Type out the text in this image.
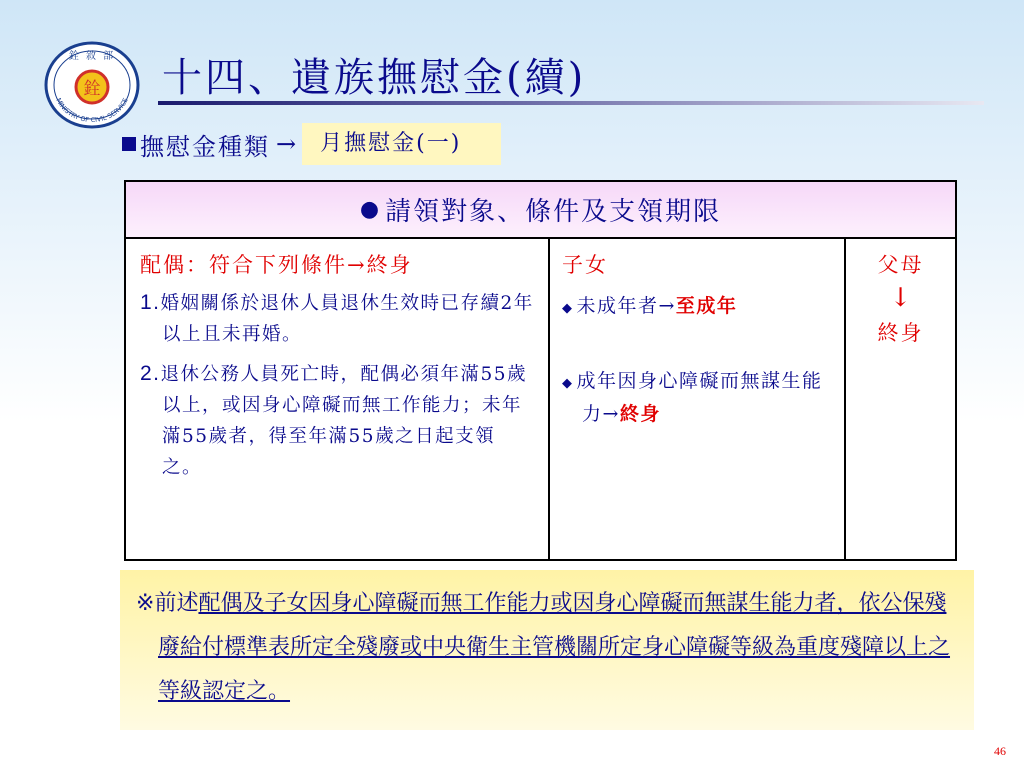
銓
銓 敘 部
MINISTRY OF CIVIL SERVICE 十四、遺族撫慰金(續)
撫慰金種類 →	月撫慰金(一)
● 請領對象、條件及支領期限
配偶：符合下列條件→終身
1.婚姻關係於退休人員退休生效時已存續2年以上且未再婚。
2.退休公務人員死亡時，配偶必須年滿55歲以上，或因身心障礙而無工作能力；未年滿55歲者，得至年滿55歲之日起支領之。
子女
◆ 未成年者→至成年
◆ 成年因身心障礙而無謀生能力→終身
父母
↓
終身
※前述配偶及子女因身心障礙而無工作能力或因身心障礙而無謀生能力者，依公保殘廢給付標準表所定全殘廢或中央衛生主管機關所定身心障礙等級為重度殘障以上之等級認定之。
46
